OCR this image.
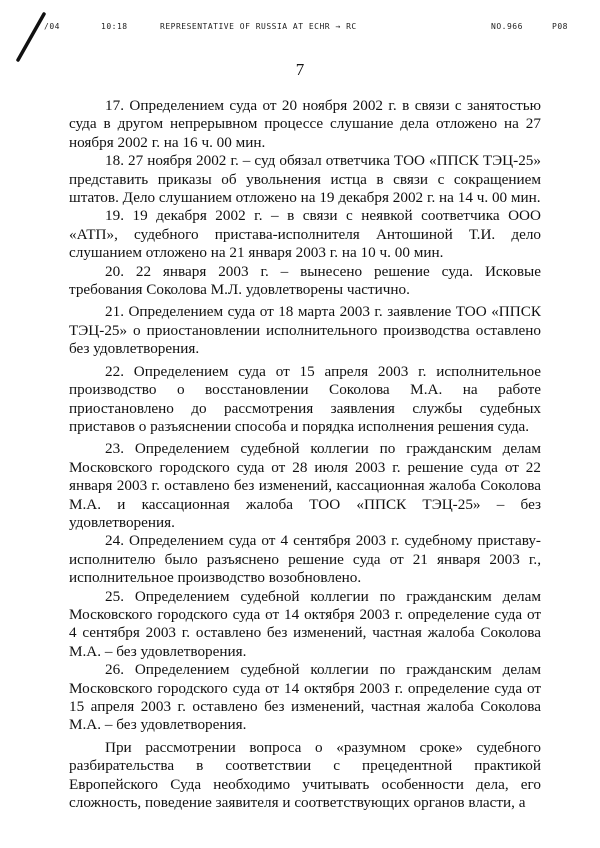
/04	10:18	REPRESENTATIVE OF RUSSIA AT ECHR → RC	NO.966	P08
7

17. Определением суда от 20 ноября 2002 г. в связи с занятостью суда в другом непрерывном процессе слушание дела отложено на 27 ноября 2002 г. на 16 ч. 00 мин.

18. 27 ноября 2002 г. – суд обязал ответчика ТОО «ППСК ТЭЦ-25» представить приказы об увольнения истца в связи с сокращением штатов. Дело слушанием отложено на 19 декабря 2002 г. на 14 ч. 00 мин.

19. 19 декабря 2002 г. – в связи с неявкой соответчика ООО «АТП», судебного пристава-исполнителя Антошиной Т.И. дело слушанием отложено на 21 января 2003 г. на 10 ч. 00 мин.

20. 22 января 2003 г. – вынесено решение суда. Исковые требования Соколова М.Л. удовлетворены частично.

21. Определением суда от 18 марта 2003 г. заявление ТОО «ППСК ТЭЦ-25» о приостановлении исполнительного производства оставлено без удовлетворения.

22. Определением суда от 15 апреля 2003 г. исполнительное производство о восстановлении Соколова М.А. на работе приостановлено до рассмотрения заявления службы судебных приставов о разъяснении способа и порядка исполнения решения суда.

23. Определением судебной коллегии по гражданским делам Московского городского суда от 28 июля 2003 г. решение суда от 22 января 2003 г. оставлено без изменений, кассационная жалоба Соколова М.А. и кассационная жалоба ТОО «ППСК ТЭЦ-25» – без удовлетворения.

24. Определением суда от 4 сентября 2003 г. судебному приставу-исполнителю было разъяснено решение суда от 21 января 2003 г., исполнительное производство возобновлено.

25. Определением судебной коллегии по гражданским делам Московского городского суда от 14 октября 2003 г. определение суда от 4 сентября 2003 г. оставлено без изменений, частная жалоба Соколова М.А. – без удовлетворения.

26. Определением судебной коллегии по гражданским делам Московского городского суда от 14 октября 2003 г. определение суда от 15 апреля 2003 г. оставлено без изменений, частная жалоба Соколова М.А. – без удовлетворения.

При рассмотрении вопроса о «разумном сроке» судебного разбирательства в соответствии с прецедентной практикой Европейского Суда необходимо учитывать особенности дела, его сложность, поведение заявителя и соответствующих органов власти, а
